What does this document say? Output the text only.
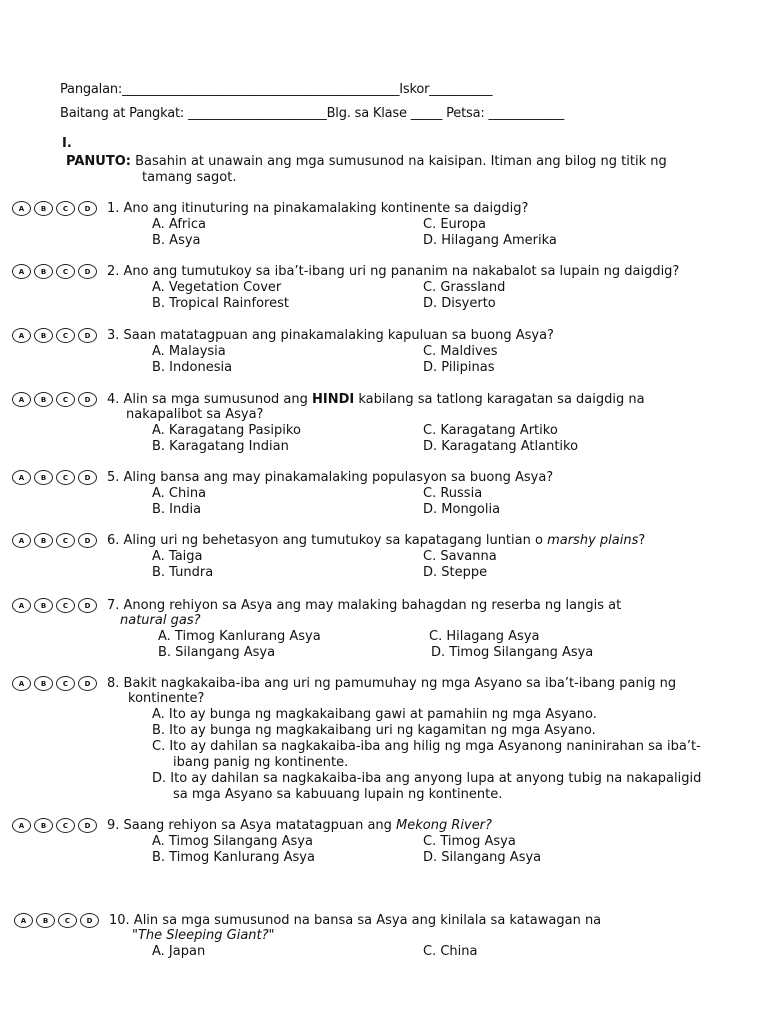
Pangalan:____________________________________________Iskor__________
Baitang at Pangkat: ______________________Blg. sa Klase _____ Petsa: ____________
I.
PANUTO: Basahin at unawain ang mga sumusunod na kaisipan. Itiman ang bilog ng titik ng
tamang sagot.
A	B	C	D	1. Ano ang itinuturing na pinakamalaking kontinente sa daigdig?
A. Africa	C. Europa
B. Asya	D. Hilagang Amerika
A	B	C	D	2. Ano ang tumutukoy sa iba’t-ibang uri ng pananim na nakabalot sa lupain ng daigdig?
A. Vegetation Cover	C. Grassland
B. Tropical Rainforest	D. Disyerto
A	B	C	D	3. Saan matatagpuan ang pinakamalaking kapuluan sa buong Asya?
A. Malaysia	C. Maldives
B. Indonesia	D. Pilipinas
A	B	C	D	4. Alin sa mga sumusunod ang HINDI kabilang sa tatlong karagatan sa daigdig na
nakapalibot sa Asya?
A. Karagatang Pasipiko	C. Karagatang Artiko
B. Karagatang Indian	D. Karagatang Atlantiko
A	B	C	D	5. Aling bansa ang may pinakamalaking populasyon sa buong Asya?
A. China	C. Russia
B. India	D. Mongolia
A	B	C	D	6. Aling uri ng behetasyon ang tumutukoy sa kapatagang luntian o marshy plains?
A. Taiga	C. Savanna
B. Tundra	D. Steppe
A	B	C	D	7. Anong rehiyon sa Asya ang may malaking bahagdan ng reserba ng langis at
natural gas?
A. Timog Kanlurang Asya	C. Hilagang Asya
B. Silangang Asya	D. Timog Silangang Asya
A	B	C	D	8. Bakit nagkakaiba-iba ang uri ng pamumuhay ng mga Asyano sa iba’t-ibang panig ng
kontinente?
A. Ito ay bunga ng magkakaibang gawi at pamahiin ng mga Asyano.
B. Ito ay bunga ng magkakaibang uri ng kagamitan ng mga Asyano.
C. Ito ay dahilan sa nagkakaiba-iba ang hilig ng mga Asyanong naninirahan sa iba’t-
ibang panig ng kontinente.
D. Ito ay dahilan sa nagkakaiba-iba ang anyong lupa at anyong tubig na nakapaligid
sa mga Asyano sa kabuuang lupain ng kontinente.
A	B	C	D	9. Saang rehiyon sa Asya matatagpuan ang Mekong River?
A. Timog Silangang Asya	C. Timog Asya
B. Timog Kanlurang Asya	D. Silangang Asya
A	B	C	D	10. Alin sa mga sumusunod na bansa sa Asya ang kinilala sa katawagan na
"The Sleeping Giant?"
A. Japan	C. China
